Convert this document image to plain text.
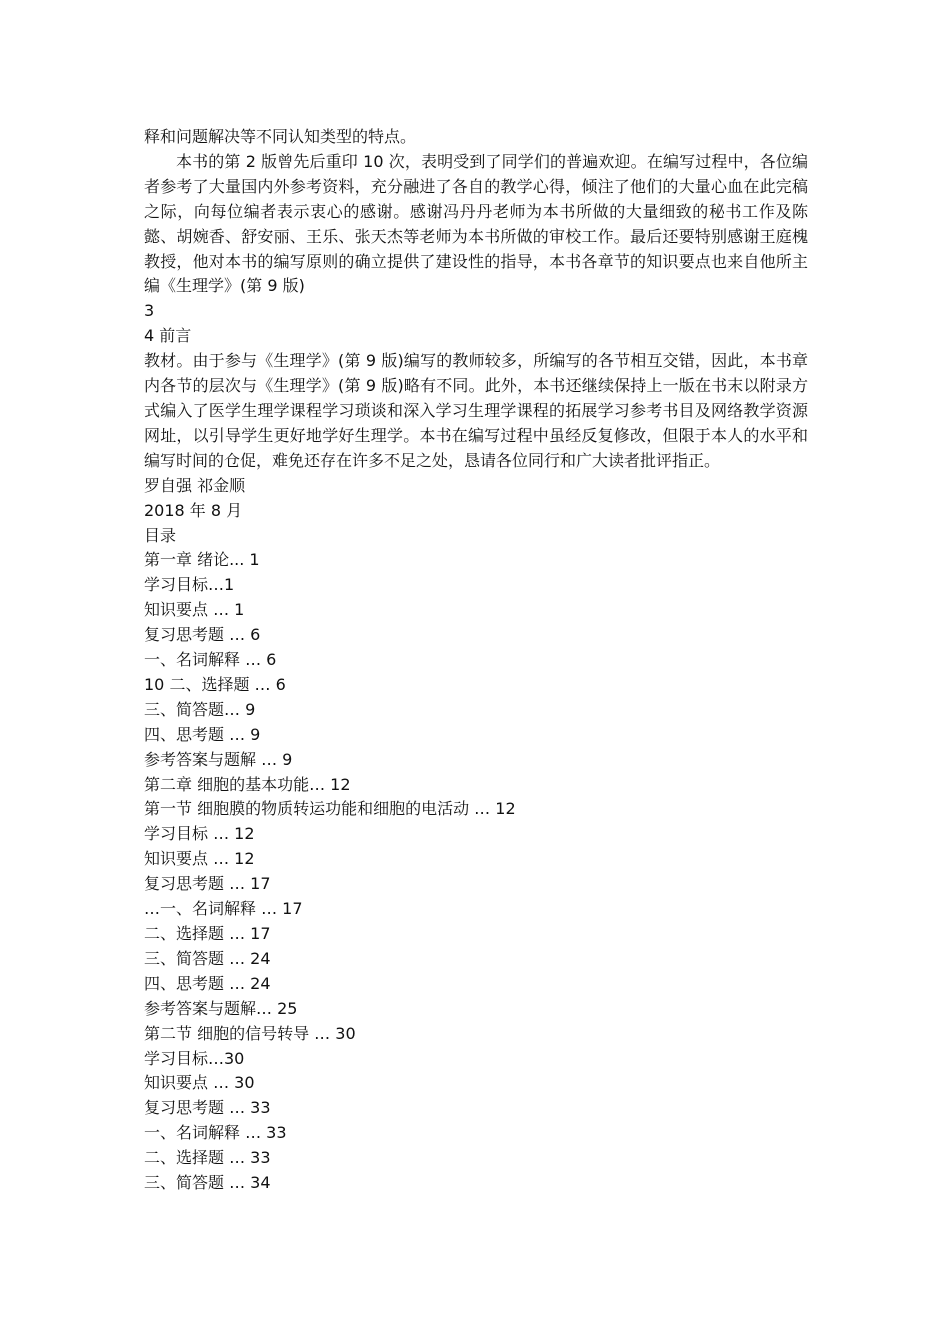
释和问题解决等不同认知类型的特点。

本书的第 2 版曾先后重印 10 次，表明受到了同学们的普遍欢迎。在编写过程中，各位编者参考了大量国内外参考资料，充分融进了各自的教学心得，倾注了他们的大量心血在此完稿之际，向每位编者表示衷心的感谢。感谢冯丹丹老师为本书所做的大量细致的秘书工作及陈懿、胡婉香、舒安丽、王乐、张天杰等老师为本书所做的审校工作。最后还要特别感谢王庭槐教授，他对本书的编写原则的确立提供了建设性的指导，本书各章节的知识要点也来自他所主编《生理学》(第 9 版)

3

4 前言

教材。由于参与《生理学》(第 9 版)编写的教师较多，所编写的各节相互交错，因此，本书章内各节的层次与《生理学》(第 9 版)略有不同。此外，本书还继续保持上一版在书末以附录方式编入了医学生理学课程学习琐谈和深入学习生理学课程的拓展学习参考书目及网络教学资源网址，以引导学生更好地学好生理学。本书在编写过程中虽经反复修改，但限于本人的水平和编写时间的仓促，难免还存在许多不足之处，恳请各位同行和广大读者批评指正。

罗自强 祁金顺

2018 年 8 月

目录

第一章 绪论... 1
学习目标…1
知识要点 … 1
复习思考题 … 6
一、名词解释 … 6
10 二、选择题 … 6
三、简答题… 9
四、思考题 … 9
参考答案与题解 … 9
第二章 细胞的基本功能… 12
第一节 细胞膜的物质转运功能和细胞的电活动 … 12
学习目标 … 12
知识要点 … 12
复习思考题 … 17
…一、名词解释 … 17
二、选择题 … 17
三、简答题 … 24
四、思考题 … 24
参考答案与题解… 25
第二节 细胞的信号转导 … 30
学习目标…30
知识要点 … 30
复习思考题 … 33
一、名词解释 … 33
二、选择题 … 33
三、简答题 … 34
